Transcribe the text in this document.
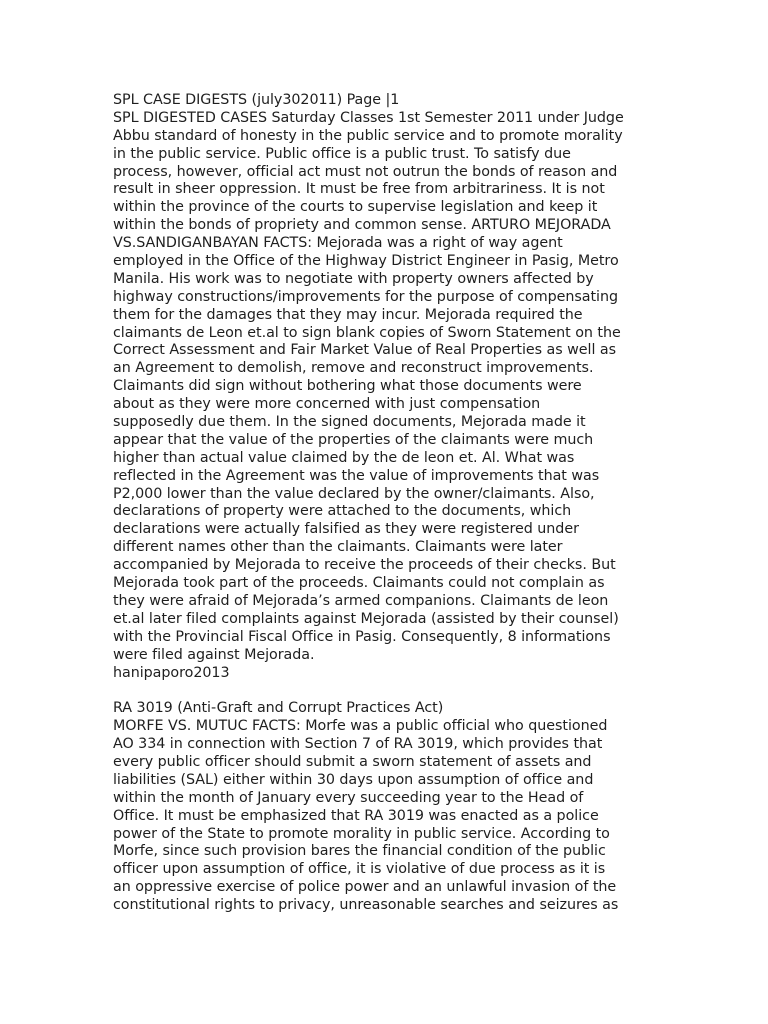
SPL CASE DIGESTS (july302011) Page |1
SPL DIGESTED CASES Saturday Classes 1st Semester 2011 under Judge
Abbu standard of honesty in the public service and to promote morality
in the public service. Public office is a public trust. To satisfy due
process, however, official act must not outrun the bonds of reason and
result in sheer oppression. It must be free from arbitrariness. It is not
within the province of the courts to supervise legislation and keep it
within the bonds of propriety and common sense. ARTURO MEJORADA
VS.SANDIGANBAYAN FACTS: Mejorada was a right of way agent
employed in the Office of the Highway District Engineer in Pasig, Metro
Manila. His work was to negotiate with property owners affected by
highway constructions/improvements for the purpose of compensating
them for the damages that they may incur. Mejorada required the
claimants de Leon et.al to sign blank copies of Sworn Statement on the
Correct Assessment and Fair Market Value of Real Properties as well as
an Agreement to demolish, remove and reconstruct improvements.
Claimants did sign without bothering what those documents were
about as they were more concerned with just compensation
supposedly due them. In the signed documents, Mejorada made it
appear that the value of the properties of the claimants were much
higher than actual value claimed by the de leon et. Al. What was
reflected in the Agreement was the value of improvements that was
P2,000 lower than the value declared by the owner/claimants. Also,
declarations of property were attached to the documents, which
declarations were actually falsified as they were registered under
different names other than the claimants. Claimants were later
accompanied by Mejorada to receive the proceeds of their checks. But
Mejorada took part of the proceeds. Claimants could not complain as
they were afraid of Mejorada’s armed companions. Claimants de leon
et.al later filed complaints against Mejorada (assisted by their counsel)
with the Provincial Fiscal Office in Pasig. Consequently, 8 informations
were filed against Mejorada.
hanipaporo2013
RA 3019 (Anti-Graft and Corrupt Practices Act)
MORFE VS. MUTUC FACTS: Morfe was a public official who questioned
AO 334 in connection with Section 7 of RA 3019, which provides that
every public officer should submit a sworn statement of assets and
liabilities (SAL) either within 30 days upon assumption of office and
within the month of January every succeeding year to the Head of
Office. It must be emphasized that RA 3019 was enacted as a police
power of the State to promote morality in public service. According to
Morfe, since such provision bares the financial condition of the public
officer upon assumption of office, it is violative of due process as it is
an oppressive exercise of police power and an unlawful invasion of the
constitutional rights to privacy, unreasonable searches and seizures as
